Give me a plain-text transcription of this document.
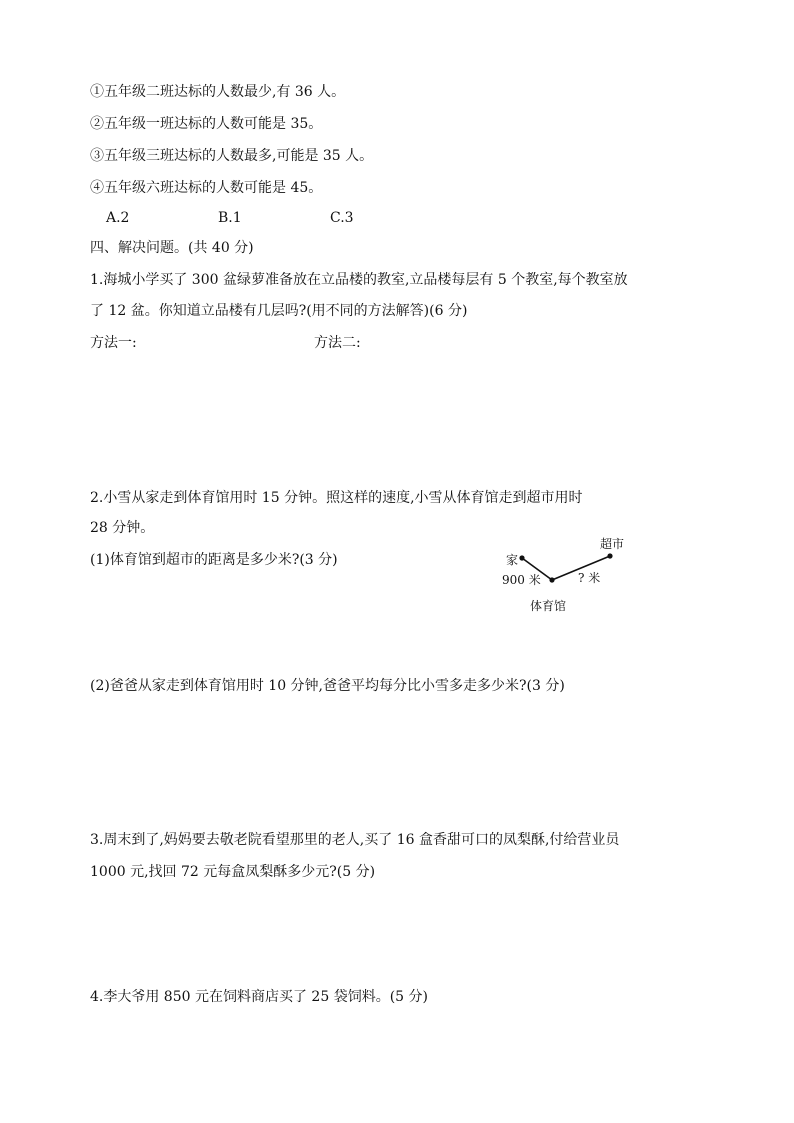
①五年级二班达标的人数最少,有 36 人。
②五年级一班达标的人数可能是 35。
③五年级三班达标的人数最多,可能是 35 人。
④五年级六班达标的人数可能是 45。
A.2	B.1	C.3
四、解决问题。(共 40 分)
1.海城小学买了 300 盆绿萝准备放在立品楼的教室,立品楼每层有 5 个教室,每个教室放
了 12 盆。你知道立品楼有几层吗?(用不同的方法解答)(6 分)
方法一:	方法二:
2.小雪从家走到体育馆用时 15 分钟。照这样的速度,小雪从体育馆走到超市用时
28 分钟。
(1)体育馆到超市的距离是多少米?(3 分)	家
超市
体育馆
900 米	? 米
(2)爸爸从家走到体育馆用时 10 分钟,爸爸平均每分比小雪多走多少米?(3 分)
3.周末到了,妈妈要去敬老院看望那里的老人,买了 16 盒香甜可口的凤梨酥,付给营业员
1000 元,找回 72 元每盒凤梨酥多少元?(5 分)
4.李大爷用 850 元在饲料商店买了 25 袋饲料。(5 分)
